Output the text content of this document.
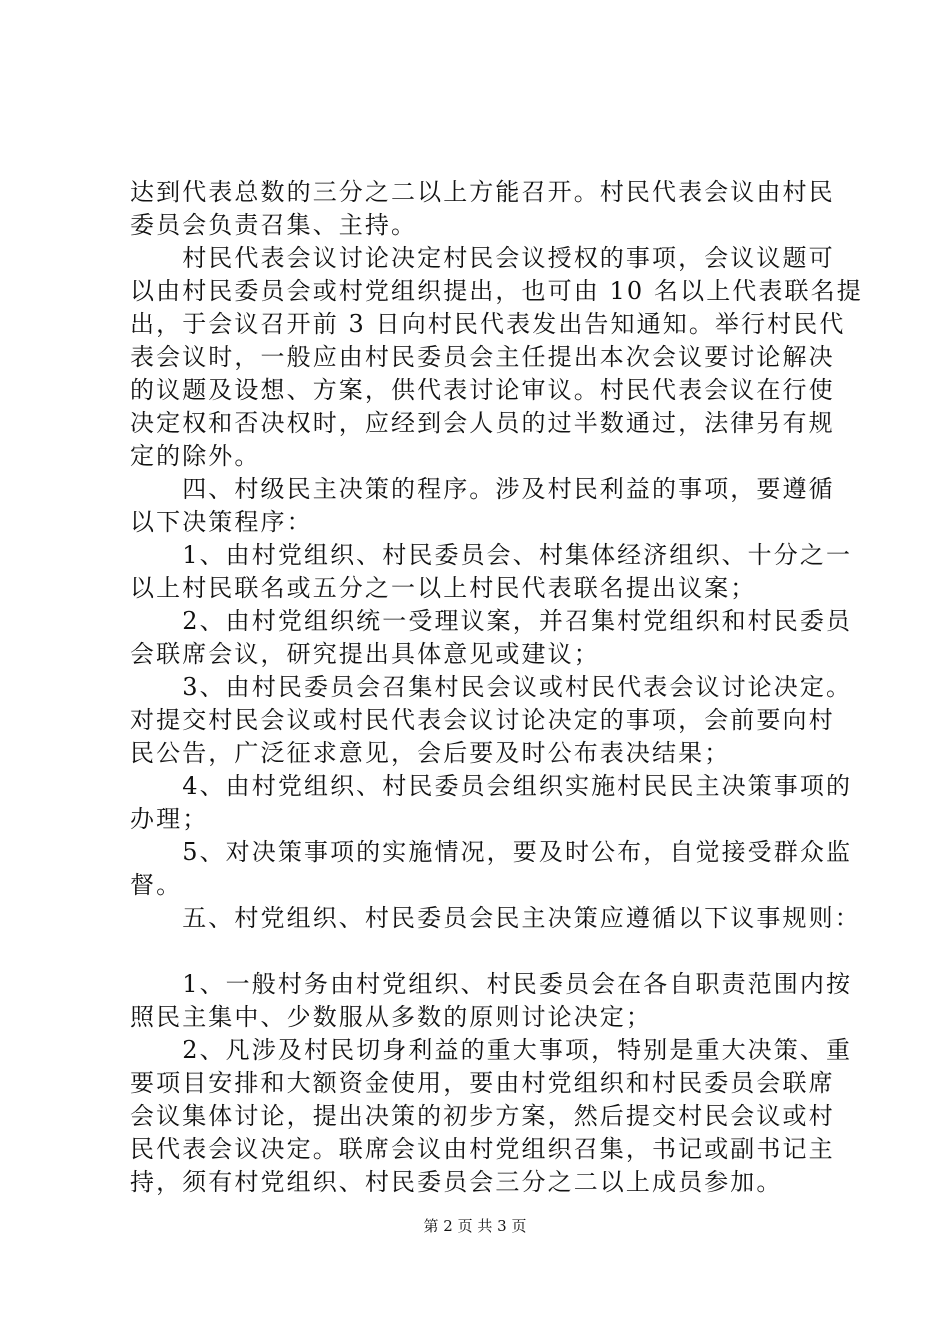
达到代表总数的三分之二以上方能召开。村民代表会议由村民
委员会负责召集、主持。
　　村民代表会议讨论决定村民会议授权的事项，会议议题可
以由村民委员会或村党组织提出，也可由 10 名以上代表联名提
出，于会议召开前 3 日向村民代表发出告知通知。举行村民代
表会议时，一般应由村民委员会主任提出本次会议要讨论解决
的议题及设想、方案，供代表讨论审议。村民代表会议在行使
决定权和否决权时，应经到会人员的过半数通过，法律另有规
定的除外。
　　四、村级民主决策的程序。涉及村民利益的事项，要遵循
以下决策程序：
　　1、由村党组织、村民委员会、村集体经济组织、十分之一
以上村民联名或五分之一以上村民代表联名提出议案；
　　2、由村党组织统一受理议案，并召集村党组织和村民委员
会联席会议，研究提出具体意见或建议；
　　3、由村民委员会召集村民会议或村民代表会议讨论决定。
对提交村民会议或村民代表会议讨论决定的事项，会前要向村
民公告，广泛征求意见，会后要及时公布表决结果；
　　4、由村党组织、村民委员会组织实施村民民主决策事项的
办理；
　　5、对决策事项的实施情况，要及时公布，自觉接受群众监
督。
　　五、村党组织、村民委员会民主决策应遵循以下议事规则：
　　1、一般村务由村党组织、村民委员会在各自职责范围内按
照民主集中、少数服从多数的原则讨论决定；
　　2、凡涉及村民切身利益的重大事项，特别是重大决策、重
要项目安排和大额资金使用，要由村党组织和村民委员会联席
会议集体讨论，提出决策的初步方案，然后提交村民会议或村
民代表会议决定。联席会议由村党组织召集，书记或副书记主
持，须有村党组织、村民委员会三分之二以上成员参加。
第 2 页 共 3 页
